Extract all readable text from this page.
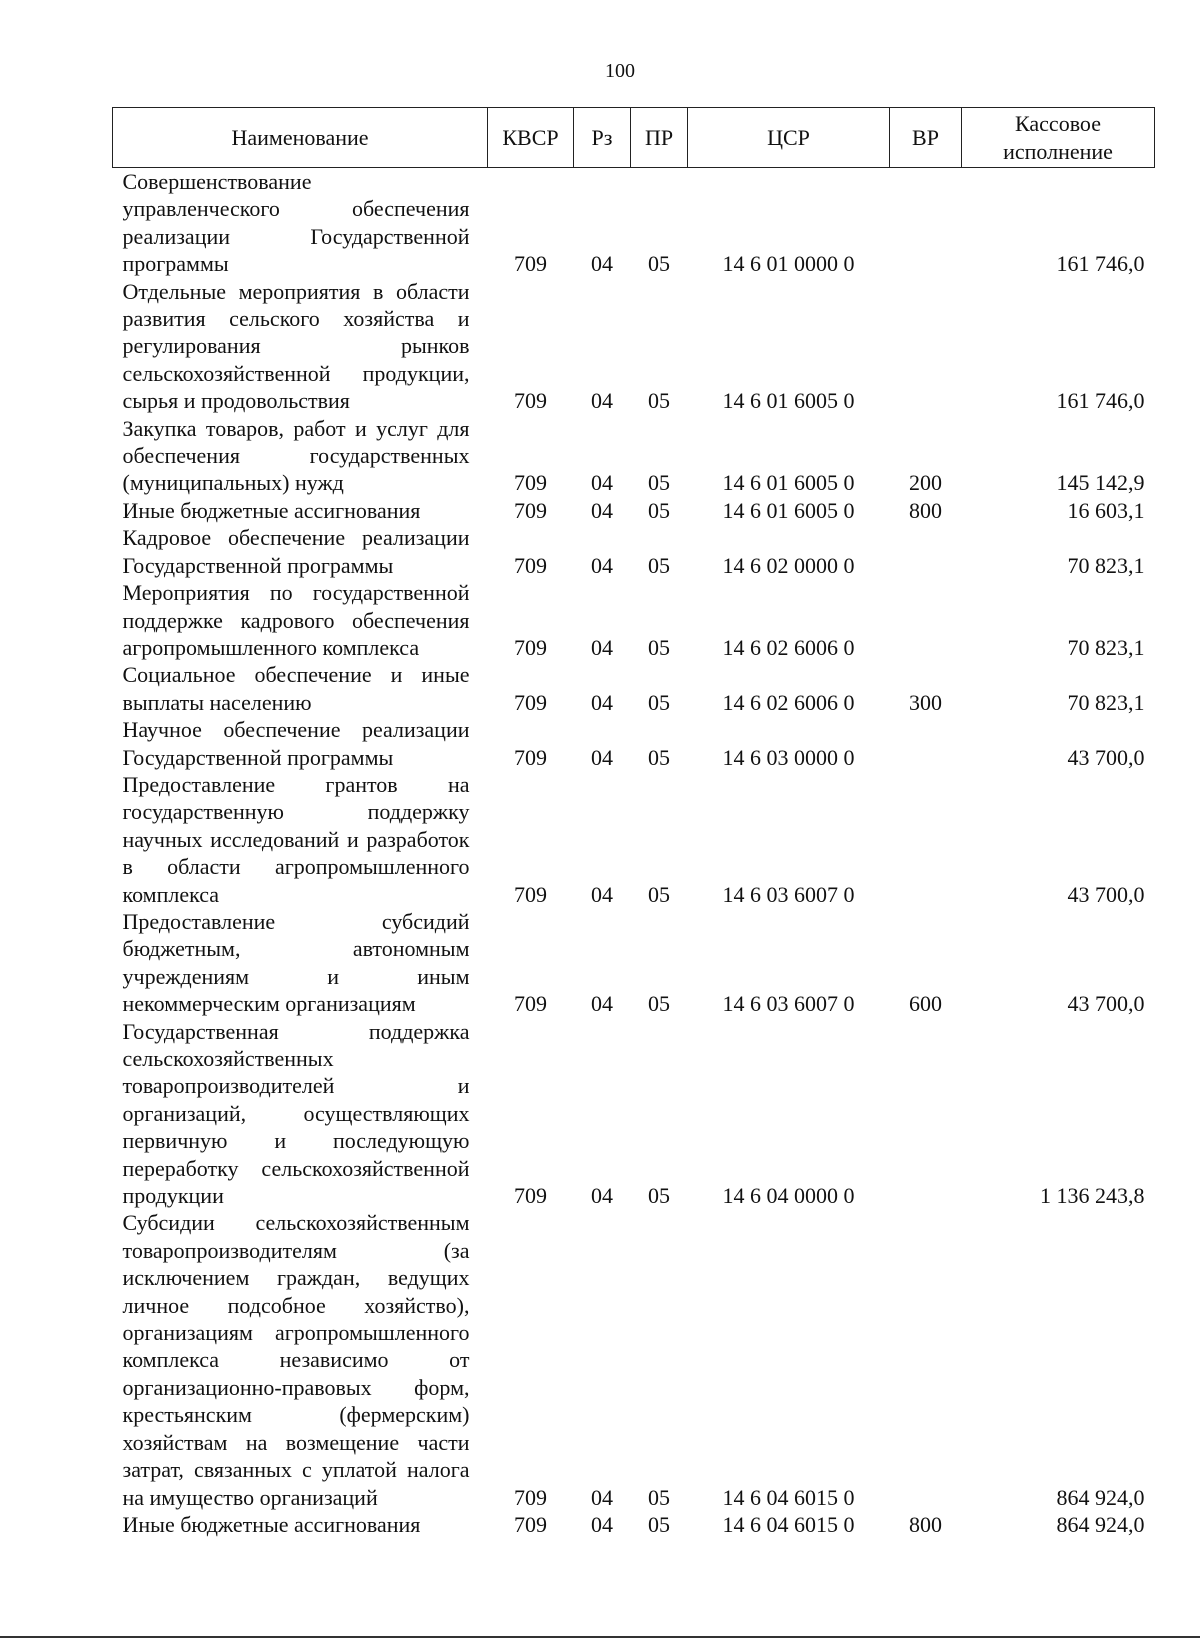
100
Наименование	КВСР	Рз	ПР	ЦСР	ВР	Кассовое
исполнение

Совершенствование управленческого обеспечения реализации Государственной программы	709	04	05	14 6 01 0000 0		161 746,0
Отдельные мероприятия в области развития сельского хозяйства и регулирования рынков сельскохозяйственной продукции, сырья и продовольствия	709	04	05	14 6 01 6005 0		161 746,0
Закупка товаров, работ и услуг для обеспечения государственных (муниципальных) нужд	709	04	05	14 6 01 6005 0	200	145 142,9
Иные бюджетные ассигнования	709	04	05	14 6 01 6005 0	800	16 603,1
Кадровое обеспечение реализации Государственной программы	709	04	05	14 6 02 0000 0		70 823,1
Мероприятия по государственной поддержке кадрового обеспечения агропромышленного комплекса	709	04	05	14 6 02 6006 0		70 823,1
Социальное обеспечение и иные выплаты населению	709	04	05	14 6 02 6006 0	300	70 823,1
Научное обеспечение реализации Государственной программы	709	04	05	14 6 03 0000 0		43 700,0
Предоставление грантов на государственную поддержку научных исследований и разработок в области агропромышленного комплекса	709	04	05	14 6 03 6007 0		43 700,0
Предоставление субсидий бюджетным, автономным учреждениям и иным некоммерческим организациям	709	04	05	14 6 03 6007 0	600	43 700,0
Государственная поддержка сельскохозяйственных товаропроизводителей и организаций, осуществляющих первичную и последующую переработку сельскохозяйственной продукции	709	04	05	14 6 04 0000 0		1 136 243,8
Субсидии сельскохозяйственным товаропроизводителям (за исключением граждан, ведущих личное подсобное хозяйство), организациям агропромышленного комплекса независимо от организационно-правовых форм, крестьянским (фермерским) хозяйствам на возмещение части затрат, связанных с уплатой налога на имущество организаций	709	04	05	14 6 04 6015 0		864 924,0
Иные бюджетные ассигнования	709	04	05	14 6 04 6015 0	800	864 924,0
